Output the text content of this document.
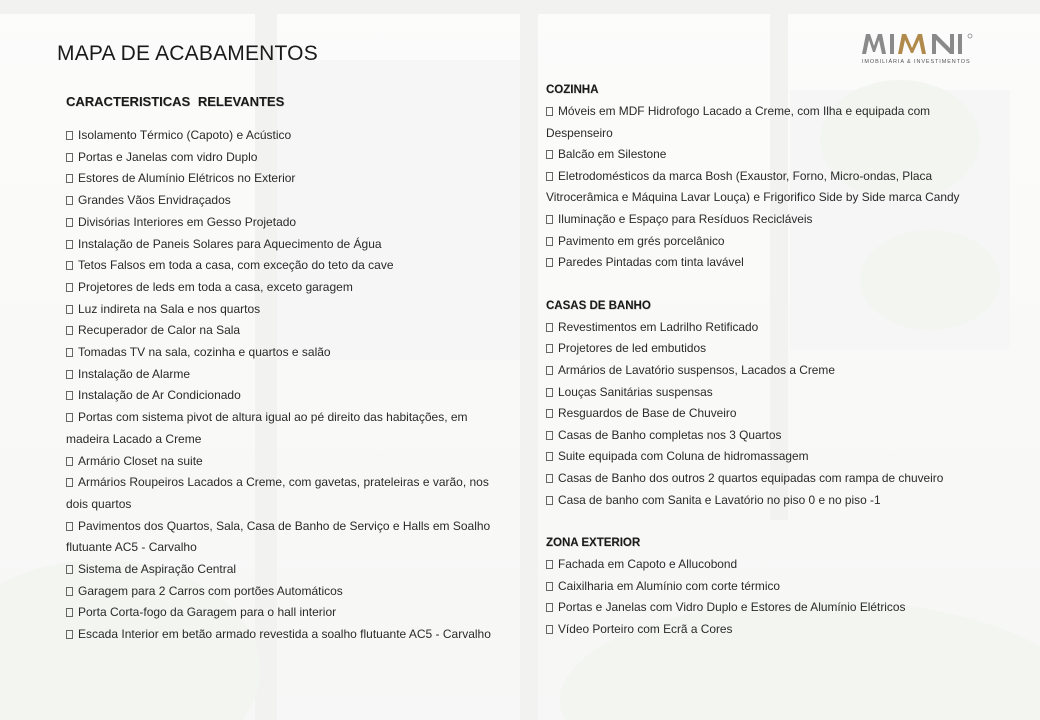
MAPA DE ACABAMENTOS	IMOBILIÁRIA & INVESTIMENTOS
CARACTERISTICAS RELEVANTES
Isolamento Térmico (Capoto) e Acústico
Portas e Janelas com vidro Duplo
Estores de Alumínio Elétricos no Exterior
Grandes Vãos Envidraçados
Divisórias Interiores em Gesso Projetado
Instalação de Paneis Solares para Aquecimento de Água
Tetos Falsos em toda a casa, com exceção do teto da cave
Projetores de leds em toda a casa, exceto garagem
Luz indireta na Sala e nos quartos
Recuperador de Calor na Sala
Tomadas TV na sala, cozinha e quartos e salão
Instalação de Alarme
Instalação de Ar Condicionado
Portas com sistema pivot de altura igual ao pé direito das habitações, em madeira Lacado a Creme
Armário Closet na suite
Armários Roupeiros Lacados a Creme, com gavetas, prateleiras e varão, nos dois quartos
Pavimentos dos Quartos, Sala, Casa de Banho de Serviço e Halls em Soalho flutuante AC5 - Carvalho
Sistema de Aspiração Central
Garagem para 2 Carros com portões Automáticos
Porta Corta-fogo da Garagem para o hall interior
Escada Interior em betão armado revestida a soalho flutuante AC5 - Carvalho
COZINHA
Móveis em MDF Hidrofogo Lacado a Creme, com Ilha e equipada com Despenseiro
Balcão em Silestone
Eletrodomésticos da marca Bosh (Exaustor, Forno, Micro-ondas, Placa Vitrocerâmica e Máquina Lavar Louça) e Frigorifico Side by Side marca Candy
Iluminação e Espaço para Resíduos Recicláveis
Pavimento em grés porcelânico
Paredes Pintadas com tinta lavável
CASAS DE BANHO
Revestimentos em Ladrilho Retificado
Projetores de led embutidos
Armários de Lavatório suspensos, Lacados a Creme
Louças Sanitárias suspensas
Resguardos de Base de Chuveiro
Casas de Banho completas nos 3 Quartos
Suite equipada com Coluna de hidromassagem
Casas de Banho dos outros 2 quartos equipadas com rampa de chuveiro
Casa de banho com Sanita e Lavatório no piso 0 e no piso -1
ZONA EXTERIOR
Fachada em Capoto e Allucobond
Caixilharia em Alumínio com corte térmico
Portas e Janelas com Vidro Duplo e Estores de Alumínio Elétricos
Vídeo Porteiro com Ecrã a Cores
